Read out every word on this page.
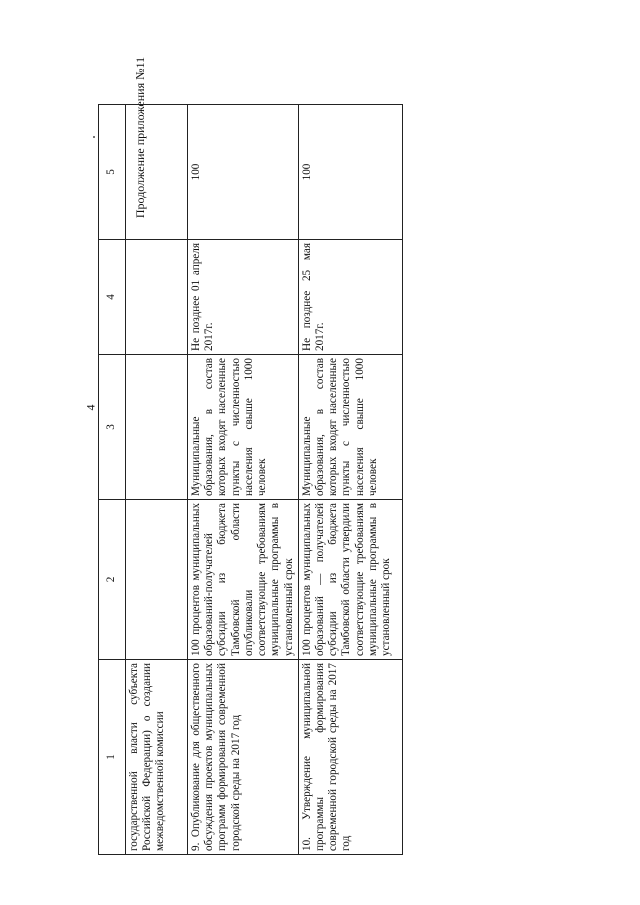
4
Продолжение приложения №11
1	2	3	4	5
государственной власти субъекта Российской Федерации) о создании межведомственной комиссии				
9. Опубликование для общественного обсуждения проектов муниципальных программ формирования современной городской среды на 2017 год	100 процентов муниципальных образований-получателей субсидии из бюджета Тамбовской области опубликовали соответствующие требованиям муниципальные программы в установленный срок	Муниципальные образования, в состав которых входят населенные пункты с численностью населения свыше 1000 человек	Не позднее 01 апреля 2017г.	100
10. Утверждение муниципальной программы формирования современной городской среды на 2017 год	100 процентов муниципальных образований — получателей субсидии из бюджета Тамбовской области утвердили соответствующие требованиям муниципальные программы в установленный срок	Муниципальные образования, в состав которых входят населенные пункты с численностью населения свыше 1000 человек	Не позднее 25 мая 2017г.	100
